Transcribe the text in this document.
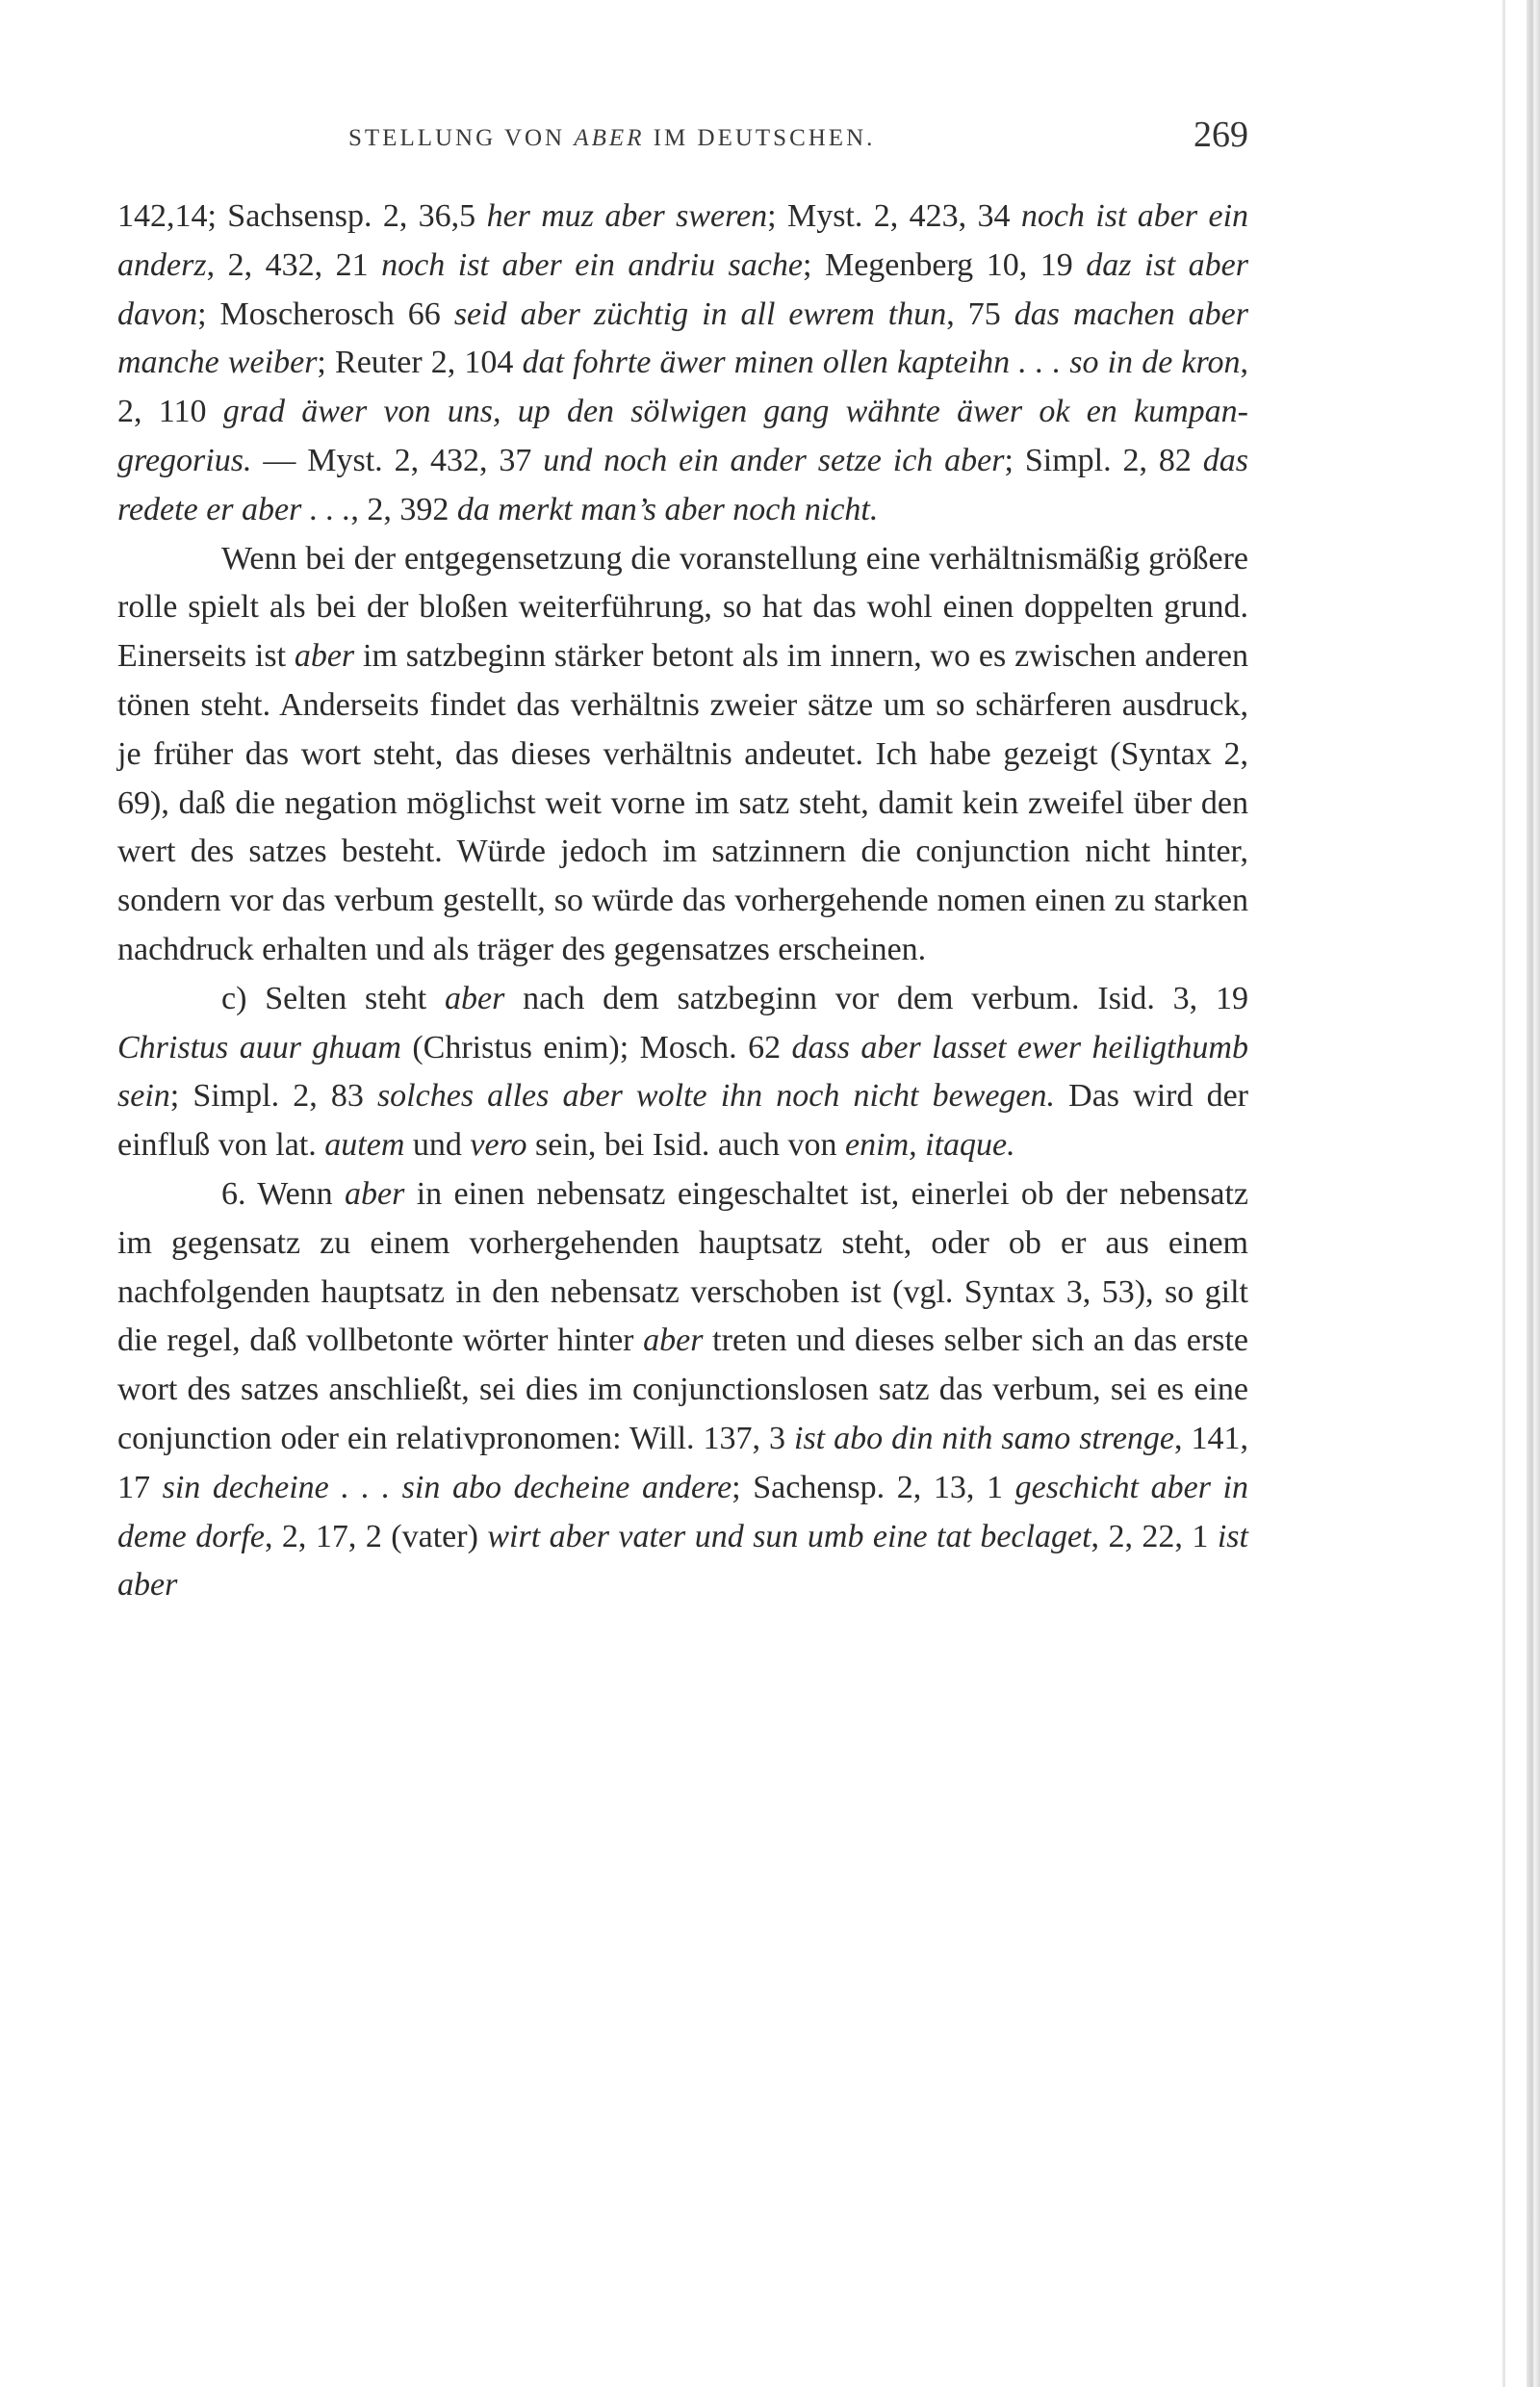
STELLUNG VON ABER IM DEUTSCHEN.	269

142,14; Sachsensp. 2, 36,5 her muz aber sweren; Myst. 2, 423, 34 noch ist aber ein anderz, 2, 432, 21 noch ist aber ein andriu sache; Megenberg 10, 19 daz ist aber davon; Moscherosch 66 seid aber züchtig in all ewrem thun, 75 das machen aber manche weiber; Reuter 2, 104 dat fohrte äwer minen ollen kapteihn . . . so in de kron, 2, 110 grad äwer von uns, up den sölwigen gang wähnte äwer ok en kumpan-gregorius. — Myst. 2, 432, 37 und noch ein ander setze ich aber; Simpl. 2, 82 das redete er aber . . ., 2, 392 da merkt man’s aber noch nicht.

Wenn bei der entgegensetzung die voranstellung eine verhältnismäßig größere rolle spielt als bei der bloßen weiterführung, so hat das wohl einen doppelten grund. Einerseits ist aber im satzbeginn stärker betont als im innern, wo es zwischen anderen tönen steht. Anderseits findet das verhältnis zweier sätze um so schärferen ausdruck, je früher das wort steht, das dieses verhältnis andeutet. Ich habe gezeigt (Syntax 2, 69), daß die negation möglichst weit vorne im satz steht, damit kein zweifel über den wert des satzes besteht. Würde jedoch im satzinnern die conjunction nicht hinter, sondern vor das verbum gestellt, so würde das vorhergehende nomen einen zu starken nachdruck erhalten und als träger des gegensatzes erscheinen.

c) Selten steht aber nach dem satzbeginn vor dem verbum. Isid. 3, 19 Christus auur ghuam (Christus enim); Mosch. 62 dass aber lasset ewer heiligthumb sein; Simpl. 2, 83 solches alles aber wolte ihn noch nicht bewegen. Das wird der einfluß von lat. autem und vero sein, bei Isid. auch von enim, itaque.

6. Wenn aber in einen nebensatz eingeschaltet ist, einerlei ob der nebensatz im gegensatz zu einem vorhergehenden hauptsatz steht, oder ob er aus einem nachfolgenden hauptsatz in den nebensatz verschoben ist (vgl. Syntax 3, 53), so gilt die regel, daß vollbetonte wörter hinter aber treten und dieses selber sich an das erste wort des satzes anschließt, sei dies im conjunctionslosen satz das verbum, sei es eine conjunction oder ein relativpronomen: Will. 137, 3 ist abo din nith samo strenge, 141, 17 sin decheine . . . sin abo decheine andere; Sachensp. 2, 13, 1 geschicht aber in deme dorfe, 2, 17, 2 (vater) wirt aber vater und sun umb eine tat beclaget, 2, 22, 1 ist aber
